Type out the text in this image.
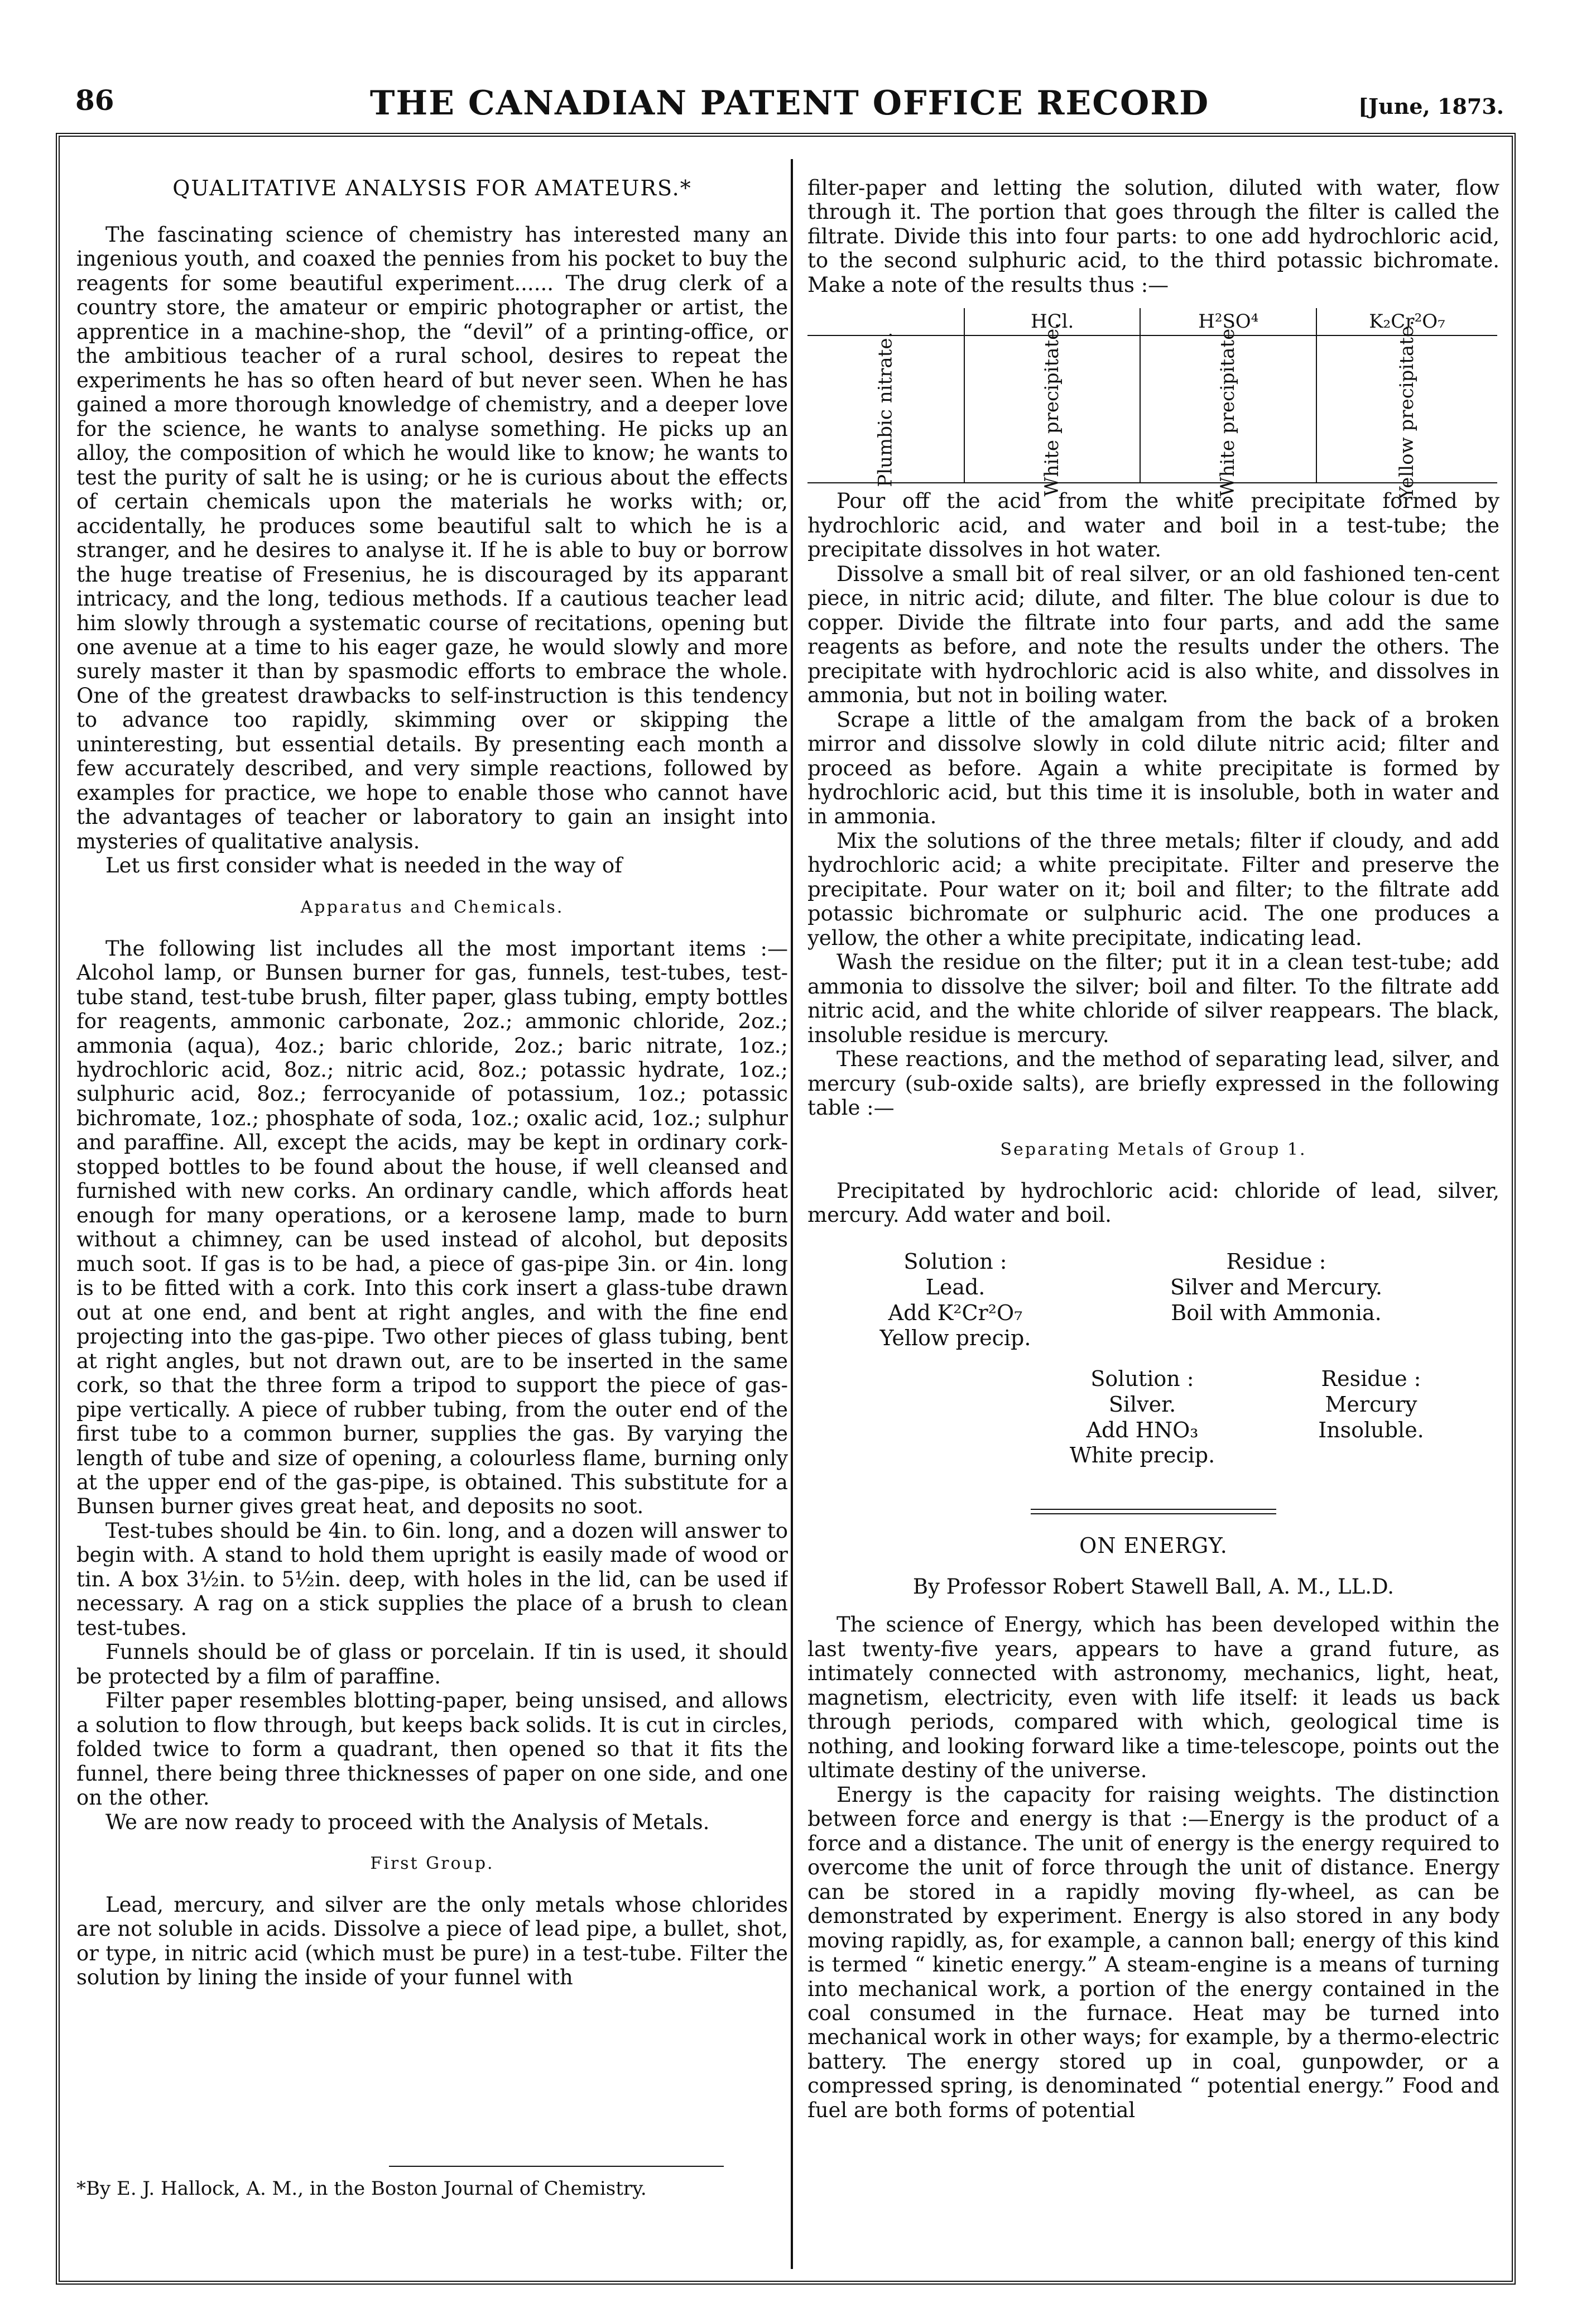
86	THE CANADIAN PATENT OFFICE RECORD	[June, 1873.
QUALITATIVE ANALYSIS FOR AMATEURS.*

The fascinating science of chemistry has interested many an ingenious youth, and coaxed the pennies from his pocket to buy the reagents for some beautiful experiment...... The drug clerk of a country store, the amateur or empiric photographer or artist, the apprentice in a machine-shop, the “devil” of a printing-office, or the ambitious teacher of a rural school, desires to repeat the experiments he has so often heard of but never seen. When he has gained a more thorough knowledge of chemistry, and a deeper love for the science, he wants to analyse something. He picks up an alloy, the composition of which he would like to know; he wants to test the purity of salt he is using; or he is curious about the effects of certain chemicals upon the materials he works with; or, accidentally, he produces some beautiful salt to which he is a stranger, and he desires to analyse it. If he is able to buy or borrow the huge treatise of Fresenius, he is discouraged by its apparant intricacy, and the long, tedious methods. If a cautious teacher lead him slowly through a systematic course of recitations, opening but one avenue at a time to his eager gaze, he would slowly and more surely master it than by spasmodic efforts to embrace the whole. One of the greatest drawbacks to self-instruction is this tendency to advance too rapidly, skimming over or skipping the uninteresting, but essential details. By presenting each month a few accurately described, and very simple reactions, followed by examples for practice, we hope to enable those who cannot have the advantages of teacher or laboratory to gain an insight into mysteries of qualitative analysis.

Let us first consider what is needed in the way of

Apparatus and Chemicals.

The following list includes all the most important items :— Alcohol lamp, or Bunsen burner for gas, funnels, test-tubes, test-tube stand, test-tube brush, filter paper, glass tubing, empty bottles for reagents, ammonic carbonate, 2oz.; ammonic chloride, 2oz.; ammonia (aqua), 4oz.; baric chloride, 2oz.; baric nitrate, 1oz.; hydrochloric acid, 8oz.; nitric acid, 8oz.; potassic hydrate, 1oz.; sulphuric acid, 8oz.; ferrocyanide of potassium, 1oz.; potassic bichromate, 1oz.; phosphate of soda, 1oz.; oxalic acid, 1oz.; sulphur and paraffine. All, except the acids, may be kept in ordinary cork-stopped bottles to be found about the house, if well cleansed and furnished with new corks. An ordinary candle, which affords heat enough for many operations, or a kerosene lamp, made to burn without a chimney, can be used instead of alcohol, but deposits much soot. If gas is to be had, a piece of gas-pipe 3in. or 4in. long is to be fitted with a cork. Into this cork insert a glass-tube drawn out at one end, and bent at right angles, and with the fine end projecting into the gas-pipe. Two other pieces of glass tubing, bent at right angles, but not drawn out, are to be inserted in the same cork, so that the three form a tripod to support the piece of gas-pipe vertically. A piece of rubber tubing, from the outer end of the first tube to a common burner, supplies the gas. By varying the length of tube and size of opening, a colourless flame, burning only at the upper end of the gas-pipe, is obtained. This substitute for a Bunsen burner gives great heat, and deposits no soot.

Test-tubes should be 4in. to 6in. long, and a dozen will answer to begin with. A stand to hold them upright is easily made of wood or tin. A box 3½in. to 5½in. deep, with holes in the lid, can be used if necessary. A rag on a stick supplies the place of a brush to clean test-tubes.

Funnels should be of glass or porcelain. If tin is used, it should be protected by a film of paraffine.

Filter paper resembles blotting-paper, being unsised, and allows a solution to flow through, but keeps back solids. It is cut in circles, folded twice to form a quadrant, then opened so that it fits the funnel, there being three thicknesses of paper on one side, and one on the other.

We are now ready to proceed with the Analysis of Metals.

First Group.

Lead, mercury, and silver are the only metals whose chlorides are not soluble in acids. Dissolve a piece of lead pipe, a bullet, shot, or type, in nitric acid (which must be pure) in a test-tube. Filter the solution by lining the inside of your funnel with

*By E. J. Hallock, A. M., in the Boston Journal of Chemistry.

filter-paper and letting the solution, diluted with water, flow through it. The portion that goes through the filter is called the filtrate. Divide this into four parts: to one add hydrochloric acid, to the second sulphuric acid, to the third potassic bichromate. Make a note of the results thus :—

	HCl.	H²SO⁴	K₂Cr²O₇
Plumbic nitrate.	White precipitate.	White precipitate.	Yellow precipitate.

Pour off the acid from the white precipitate formed by hydrochloric acid, and water and boil in a test-tube; the precipitate dissolves in hot water.

Dissolve a small bit of real silver, or an old fashioned ten-cent piece, in nitric acid; dilute, and filter. The blue colour is due to copper. Divide the filtrate into four parts, and add the same reagents as before, and note the results under the others. The precipitate with hydrochloric acid is also white, and dissolves in ammonia, but not in boiling water.

Scrape a little of the amalgam from the back of a broken mirror and dissolve slowly in cold dilute nitric acid; filter and proceed as before. Again a white precipitate is formed by hydrochloric acid, but this time it is insoluble, both in water and in ammonia.

Mix the solutions of the three metals; filter if cloudy, and add hydrochloric acid; a white precipitate. Filter and preserve the precipitate. Pour water on it; boil and filter; to the filtrate add potassic bichromate or sulphuric acid. The one produces a yellow, the other a white precipitate, indicating lead.

Wash the residue on the filter; put it in a clean test-tube; add ammonia to dissolve the silver; boil and filter. To the filtrate add nitric acid, and the white chloride of silver reappears. The black, insoluble residue is mercury.

These reactions, and the method of separating lead, silver, and mercury (sub-oxide salts), are briefly expressed in the following table :—

Separating Metals of Group 1.

Precipitated by hydrochloric acid: chloride of lead, silver, mercury. Add water and boil.

Solution :
Lead.
Add K²Cr²O₇
Yellow precip.
Residue :
Silver and Mercury.
Boil with Ammonia.
Solution :
Silver.
Add HNO₃
White precip.
Residue :
Mercury
Insoluble.
ON ENERGY.
By Professor Robert Stawell Ball, A. M., LL.D.

The science of Energy, which has been developed within the last twenty-five years, appears to have a grand future, as intimately connected with astronomy, mechanics, light, heat, magnetism, electricity, even with life itself: it leads us back through periods, compared with which, geological time is nothing, and looking forward like a time-telescope, points out the ultimate destiny of the universe.

Energy is the capacity for raising weights. The distinction between force and energy is that :—Energy is the product of a force and a distance. The unit of energy is the energy required to overcome the unit of force through the unit of distance. Energy can be stored in a rapidly moving fly-wheel, as can be demonstrated by experiment. Energy is also stored in any body moving rapidly, as, for example, a cannon ball; energy of this kind is termed “ kinetic energy.” A steam-engine is a means of turning into mechanical work, a portion of the energy contained in the coal consumed in the furnace. Heat may be turned into mechanical work in other ways; for example, by a thermo-electric battery. The energy stored up in coal, gunpowder, or a compressed spring, is denominated “ potential energy.” Food and fuel are both forms of potential
